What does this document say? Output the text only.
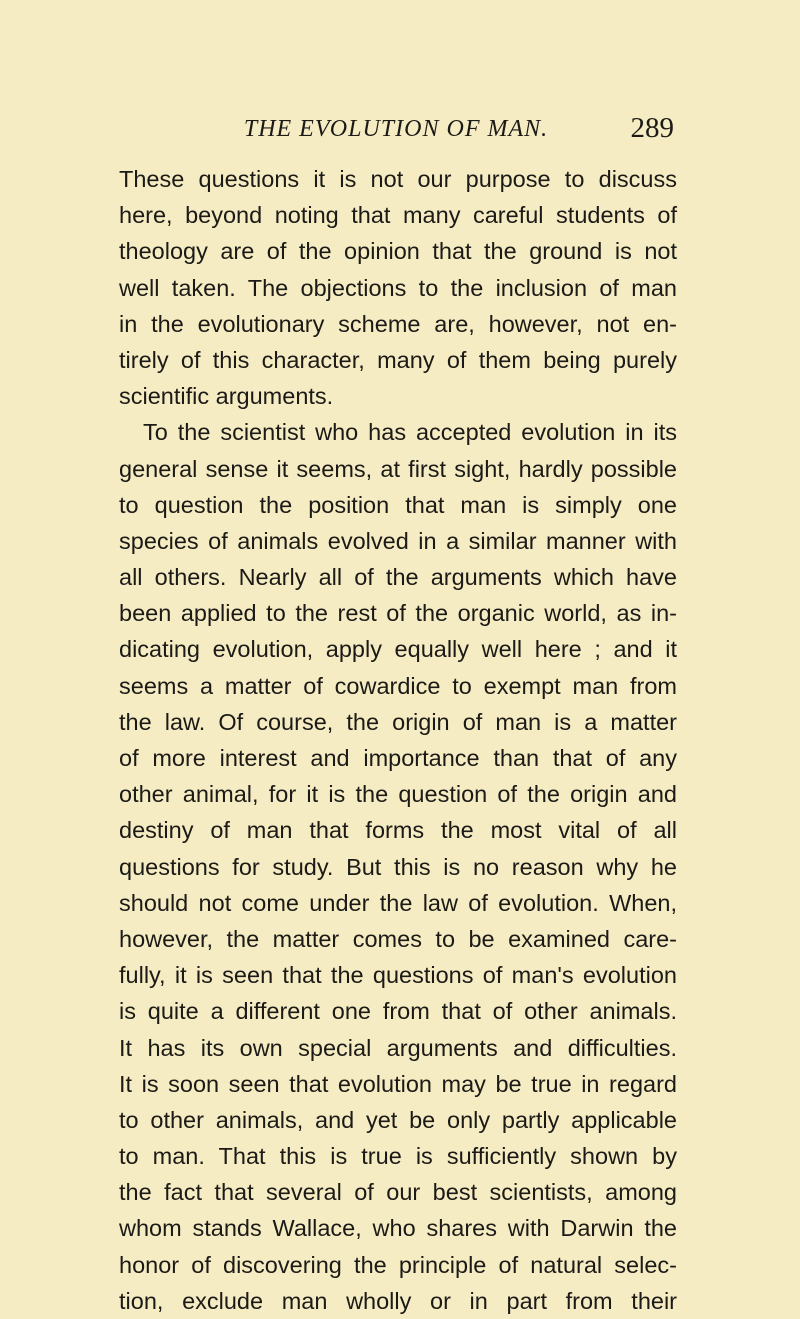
THE EVOLUTION OF MAN.	289
These questions it is not our purpose to discuss
here, beyond noting that many careful students of
theology are of the opinion that the ground is not
well taken. The objections to the inclusion of man
in the evolutionary scheme are, however, not en-
tirely of this character, many of them being purely
scientific arguments.
To the scientist who has accepted evolution in its
general sense it seems, at first sight, hardly possible
to question the position that man is simply one
species of animals evolved in a similar manner with
all others. Nearly all of the arguments which have
been applied to the rest of the organic world, as in-
dicating evolution, apply equally well here ; and it
seems a matter of cowardice to exempt man from
the law. Of course, the origin of man is a matter
of more interest and importance than that of any
other animal, for it is the question of the origin and
destiny of man that forms the most vital of all
questions for study. But this is no reason why he
should not come under the law of evolution. When,
however, the matter comes to be examined care-
fully, it is seen that the questions of man's evolution
is quite a different one from that of other animals.
It has its own special arguments and difficulties.
It is soon seen that evolution may be true in regard
to other animals, and yet be only partly applicable
to man. That this is true is sufficiently shown by
the fact that several of our best scientists, among
whom stands Wallace, who shares with Darwin the
honor of discovering the principle of natural selec-
tion, exclude man wholly or in part from their
